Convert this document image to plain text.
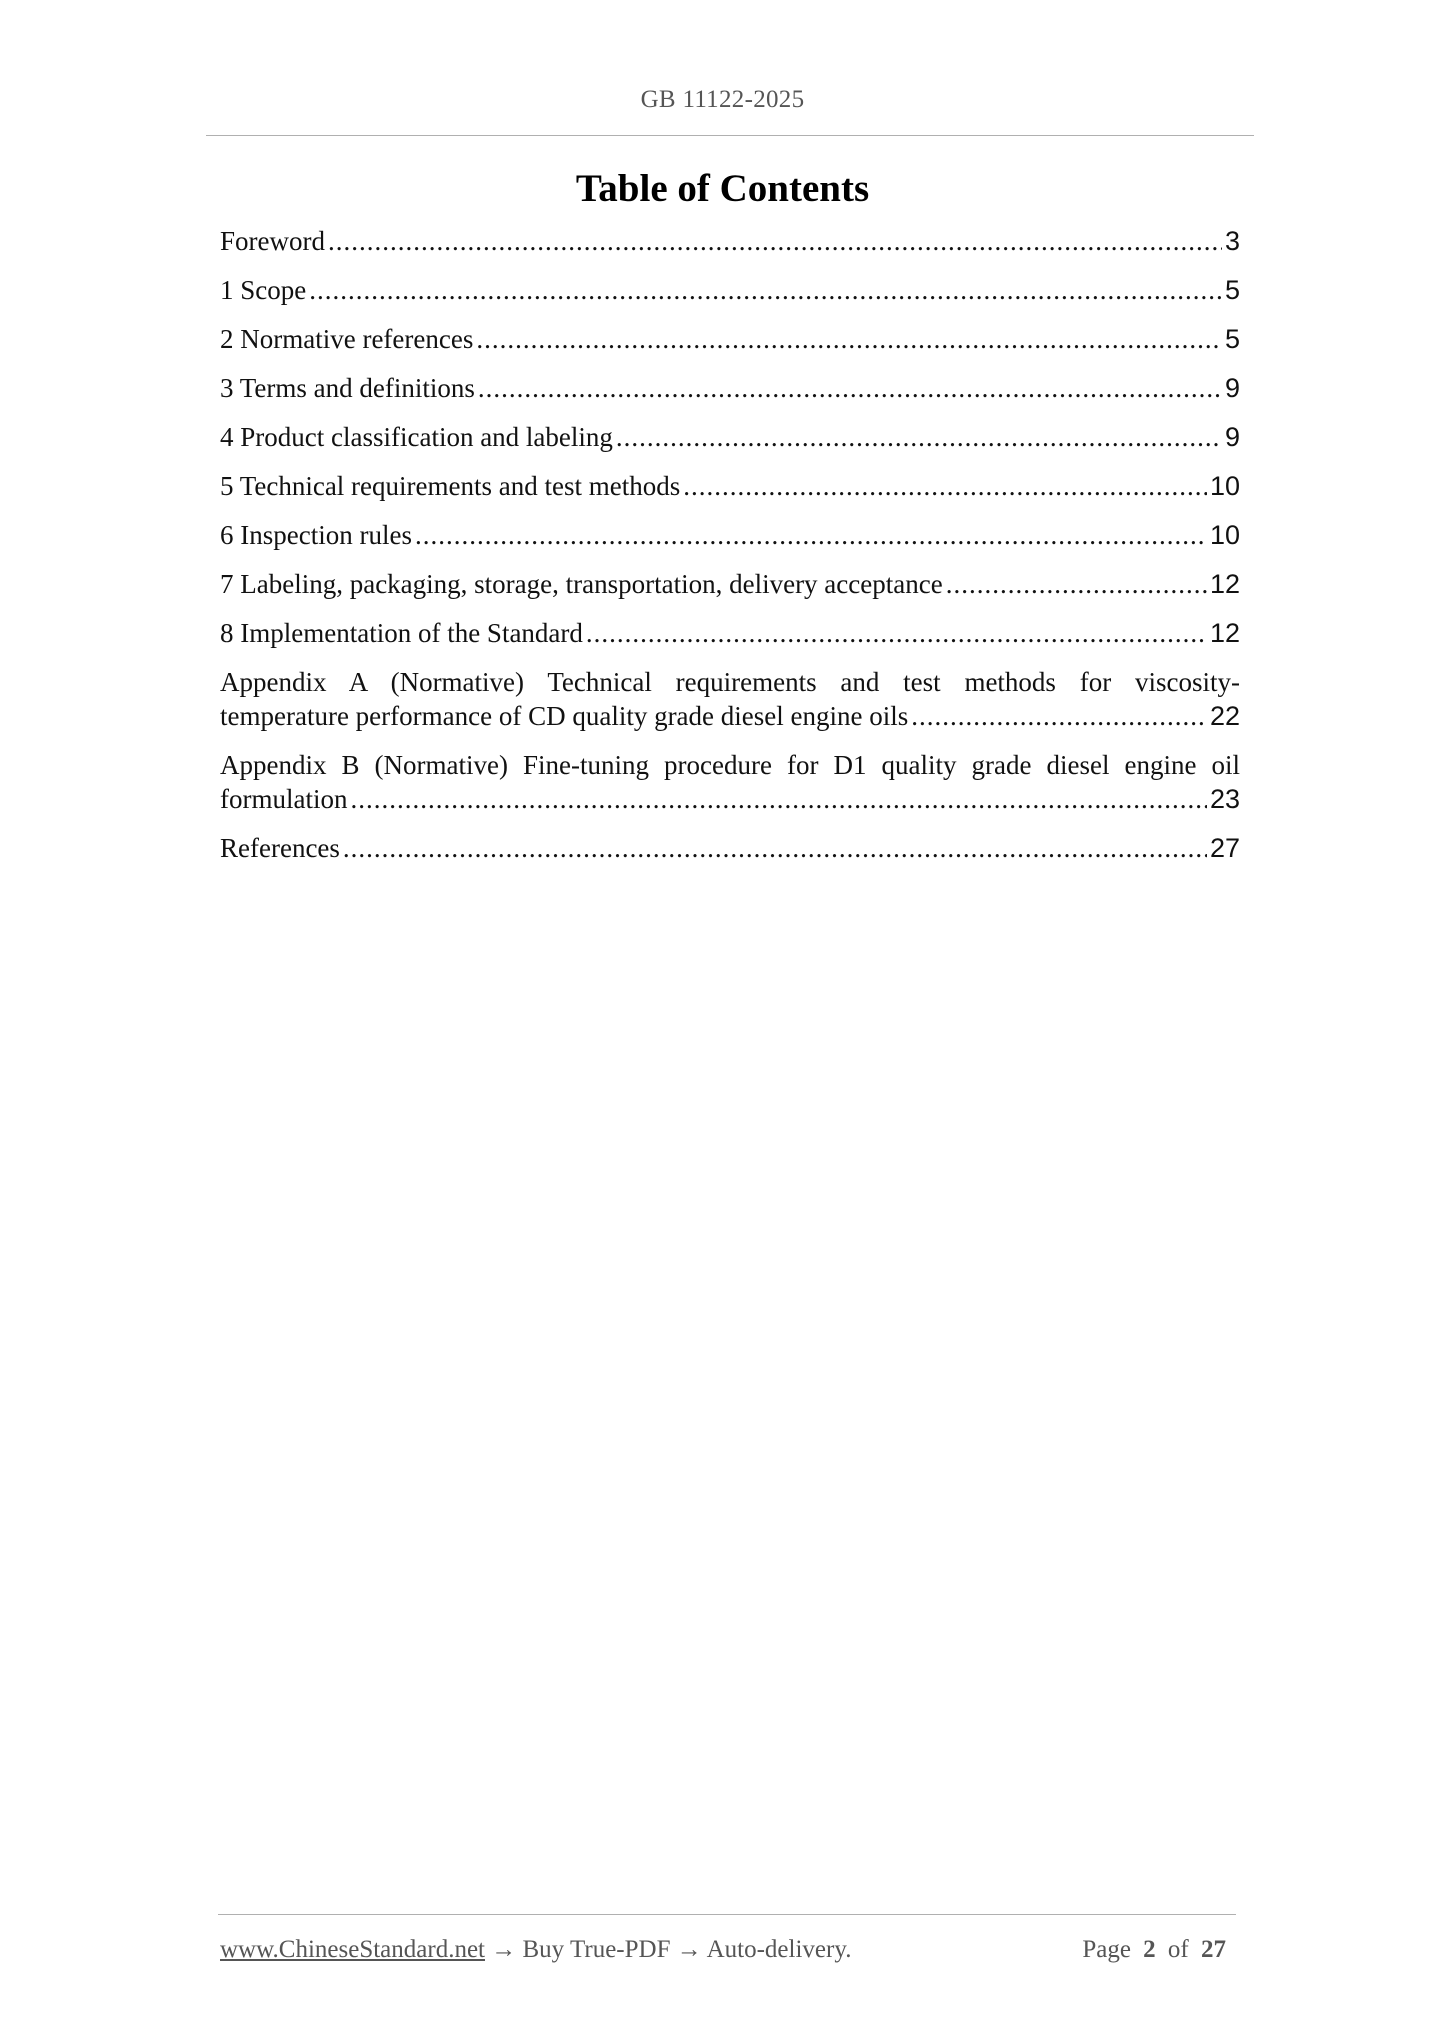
GB 11122-2025
Table of Contents
Foreword .....	3
1 Scope .....	5
2 Normative references .....	5
3 Terms and definitions .....	9
4 Product classification and labeling .....	9
5 Technical requirements and test methods .....	10
6 Inspection rules .....	10
7 Labeling, packaging, storage, transportation, delivery acceptance .....	12
8 Implementation of the Standard .....	12
Appendix A (Normative) Technical requirements and test methods for viscosity-
temperature performance of CD quality grade diesel engine oils .....	22
Appendix B (Normative) Fine-tuning procedure for D1 quality grade diesel engine oil
formulation .....	23
References .....	27
www.ChineseStandard.net → Buy True-PDF → Auto-delivery.	Page 2 of 27
